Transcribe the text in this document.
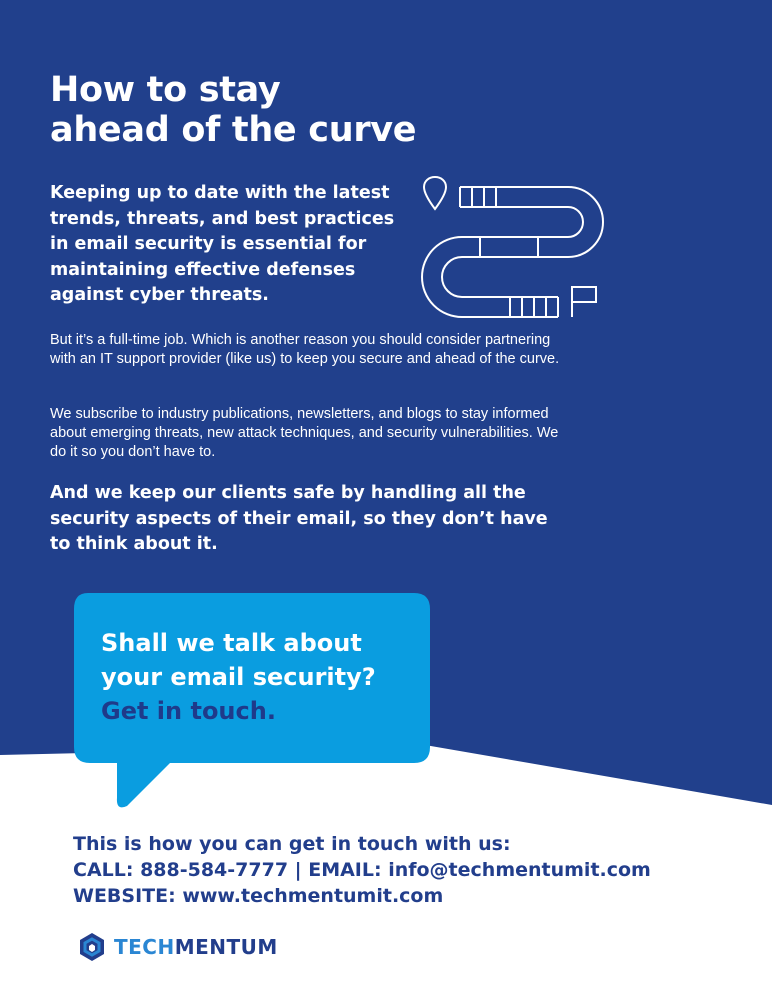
How to stay
ahead of the curve

Keeping up to date with the latest trends, threats, and best practices in email security is essential for maintaining effective defenses against cyber threats.

But it’s a full-time job. Which is another reason you should consider partnering with an IT support provider (like us) to keep you secure and ahead of the curve.

We subscribe to industry publications, newsletters, and blogs to stay informed about emerging threats, new attack techniques, and security vulnerabilities. We do it so you don’t have to.

And we keep our clients safe by handling all the security aspects of their email, so they don’t have to think about it.

Shall we talk about
your email security?
Get in touch.
This is how you can get in touch with us:
CALL: 888-584-7777 | EMAIL: info@techmentumit.com
WEBSITE: www.techmentumit.com
TECHMENTUM
